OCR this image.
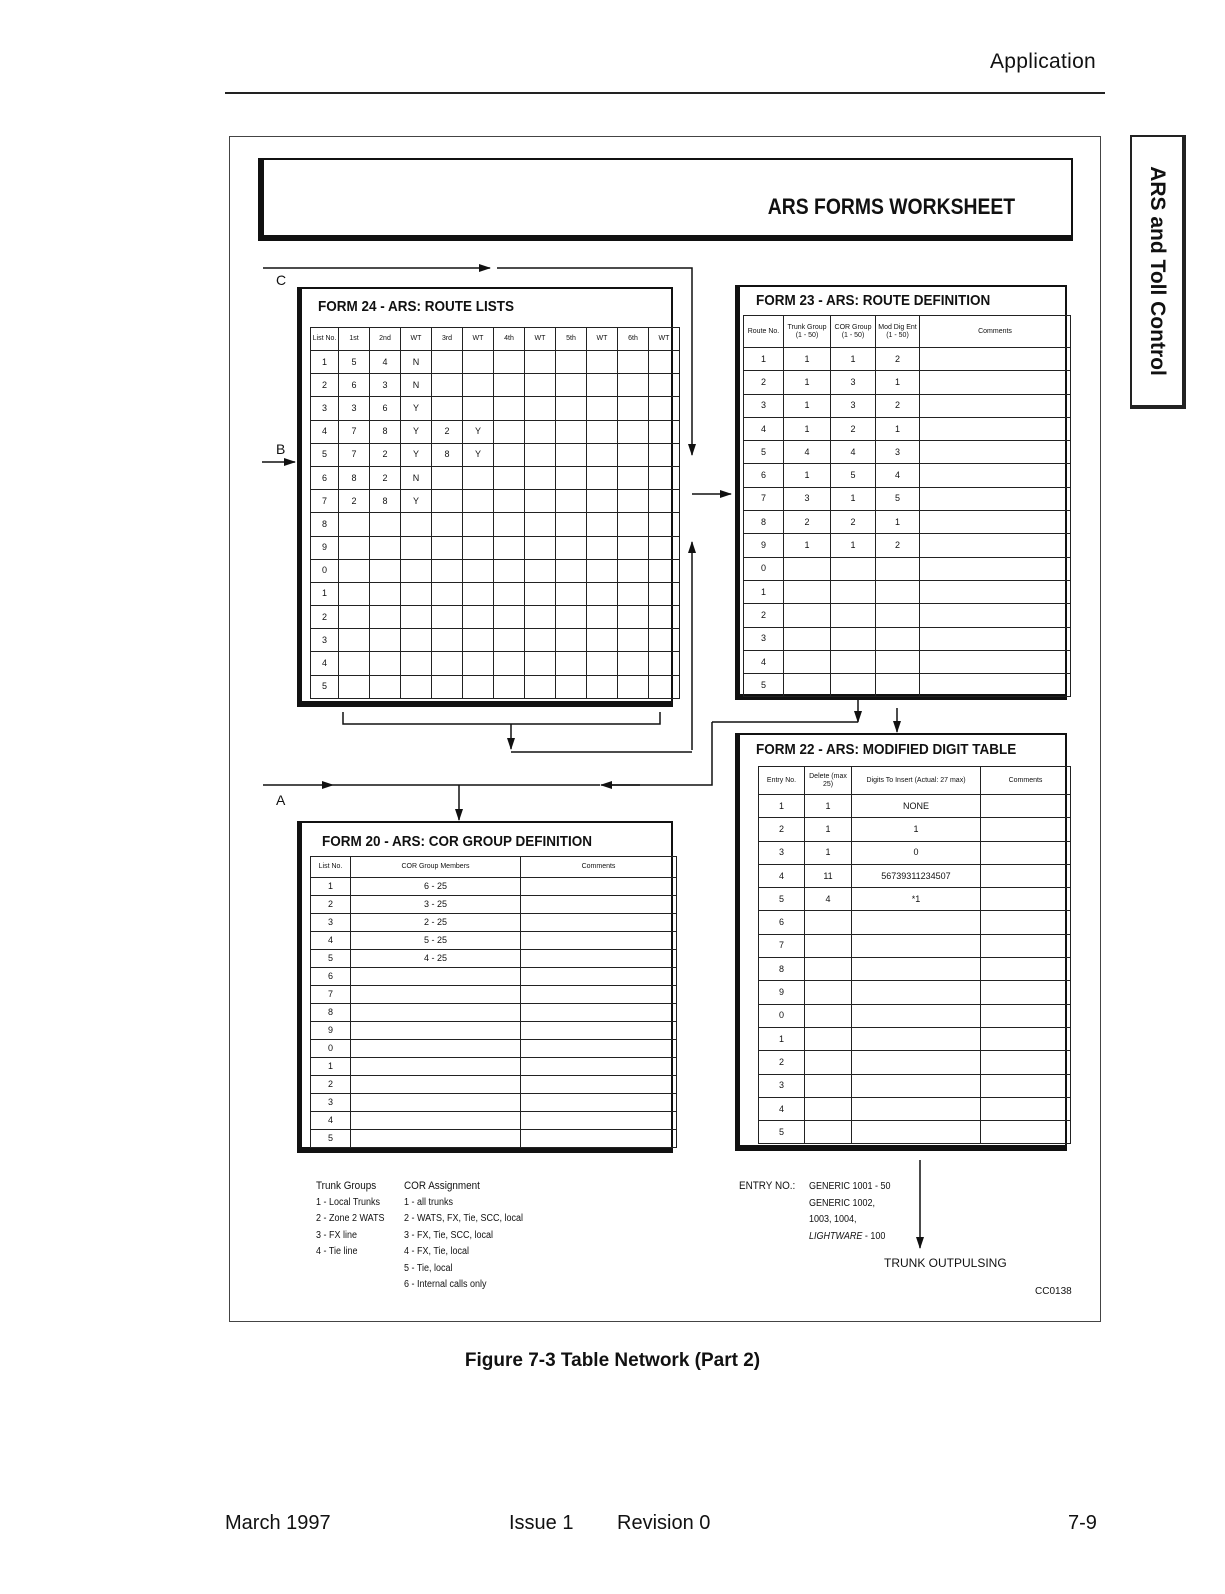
Application
ARS and Toll Control
ARS FORMS WORKSHEET
C
B
A
FORM 24 - ARS: ROUTE LISTS
List No.	1st	2nd	WT	3rd	WT	4th	WT	5th	WT	6th	WT
1	5	4	N								
2	6	3	N								
3	3	6	Y								
4	7	8	Y	2	Y						
5	7	2	Y	8	Y						
6	8	2	N								
7	2	8	Y								
8											
9											
0											
1											
2											
3											
4											
5											
FORM 23 - ARS: ROUTE DEFINITION
Route No.	Trunk Group (1 - 50)	COR Group (1 - 50)	Mod Dig Ent (1 - 50)	Comments
1	1	1	2	
2	1	3	1	
3	1	3	2	
4	1	2	1	
5	4	4	3	
6	1	5	4	
7	3	1	5	
8	2	2	1	
9	1	1	2	
0				
1				
2				
3				
4				
5				
FORM 22 - ARS: MODIFIED DIGIT TABLE
Entry No.	Delete (max 25)	Digits To Insert (Actual: 27 max)	Comments
1	1	NONE	
2	1	1	
3	1	0	
4	11	56739311234507	
5	4	*1	
6			
7			
8			
9			
0			
1			
2			
3			
4			
5			
FORM 20 - ARS: COR GROUP DEFINITION
List No.	COR Group Members	Comments
1	6 - 25	
2	3 - 25	
3	2 - 25	
4	5 - 25	
5	4 - 25	
6		
7		
8		
9		
0		
1		
2		
3		
4		
5		
Trunk Groups
1 - Local Trunks
2 - Zone 2 WATS
3 - FX line
4 - Tie line
COR Assignment
1 - all trunks
2 - WATS, FX, Tie, SCC, local
3 - FX, Tie, SCC, local
4 - FX, Tie, local
5 - Tie, local
6 - Internal calls only
ENTRY NO.: GENERIC 1001 - 50
GENERIC 1002,
1003, 1004,
LIGHTWARE - 100
TRUNK OUTPULSING
CC0138
Figure 7-3 Table Network (Part 2)
March 1997	Issue 1 Revision 0	7-9
